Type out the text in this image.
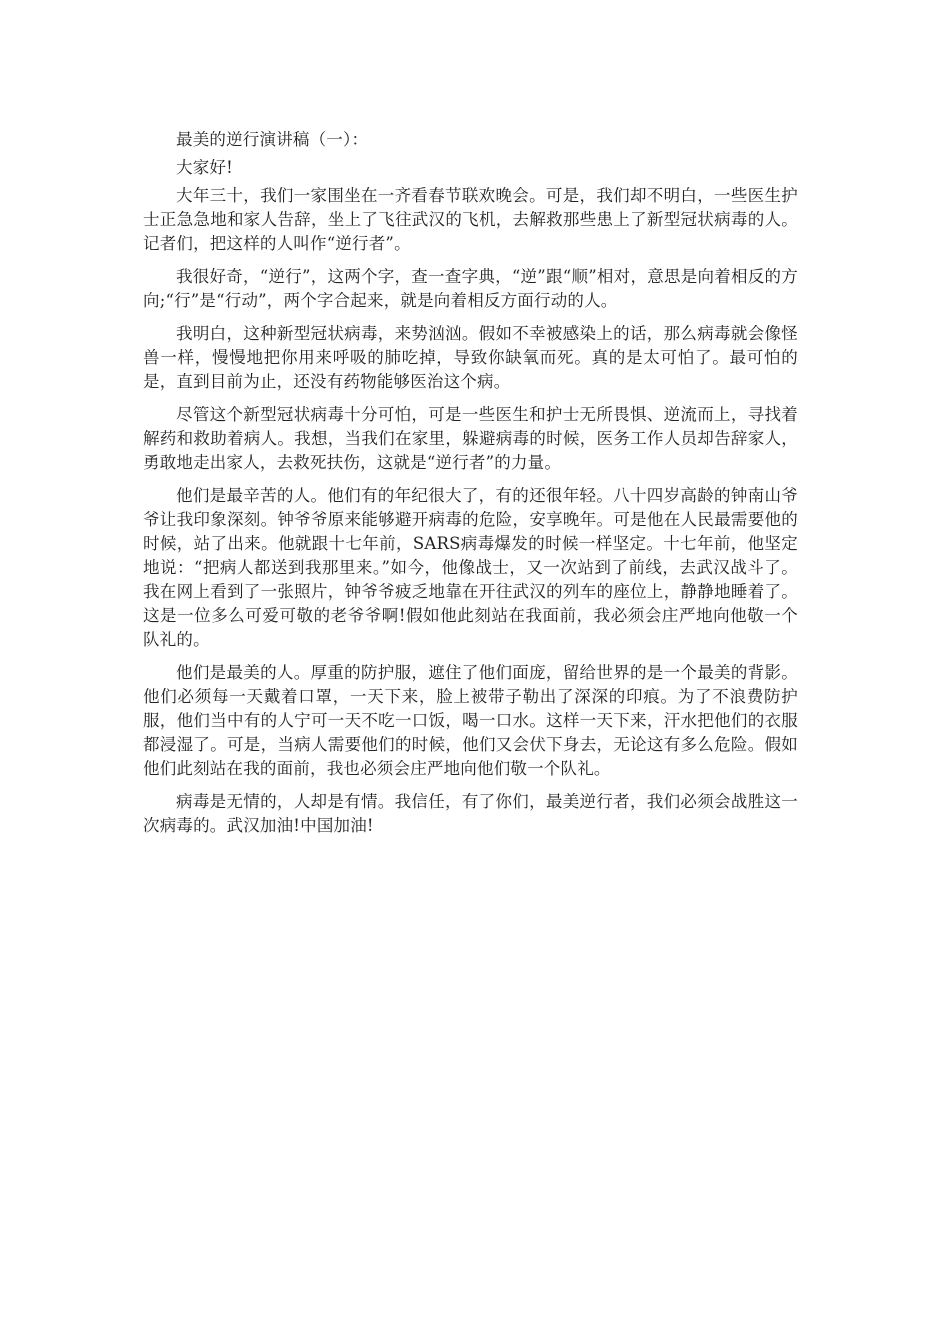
最美的逆行演讲稿（一）：

大家好!

大年三十，我们一家围坐在一齐看春节联欢晚会。可是，我们却不明白，一些医生护士正急急地和家人告辞，坐上了飞往武汉的飞机，去解救那些患上了新型冠状病毒的人。记者们，把这样的人叫作“逆行者”。

我很好奇，“逆行”，这两个字，查一查字典，“逆”跟“顺”相对，意思是向着相反的方向;“行”是“行动”，两个字合起来，就是向着相反方面行动的人。

我明白，这种新型冠状病毒，来势汹汹。假如不幸被感染上的话，那么病毒就会像怪兽一样，慢慢地把你用来呼吸的肺吃掉，导致你缺氧而死。真的是太可怕了。最可怕的是，直到目前为止，还没有药物能够医治这个病。

尽管这个新型冠状病毒十分可怕，可是一些医生和护士无所畏惧、逆流而上，寻找着解药和救助着病人。我想，当我们在家里，躲避病毒的时候，医务工作人员却告辞家人，勇敢地走出家人，去救死扶伤，这就是“逆行者”的力量。

他们是最辛苦的人。他们有的年纪很大了，有的还很年轻。八十四岁高龄的钟南山爷爷让我印象深刻。钟爷爷原来能够避开病毒的危险，安享晚年。可是他在人民最需要他的时候，站了出来。他就跟十七年前，SARS病毒爆发的时候一样坚定。十七年前，他坚定地说：“把病人都送到我那里来。”如今，他像战士，又一次站到了前线，去武汉战斗了。我在网上看到了一张照片，钟爷爷疲乏地靠在开往武汉的列车的座位上，静静地睡着了。这是一位多么可爱可敬的老爷爷啊!假如他此刻站在我面前，我必须会庄严地向他敬一个队礼的。

他们是最美的人。厚重的防护服，遮住了他们面庞，留给世界的是一个最美的背影。他们必须每一天戴着口罩，一天下来，脸上被带子勒出了深深的印痕。为了不浪费防护服，他们当中有的人宁可一天不吃一口饭，喝一口水。这样一天下来，汗水把他们的衣服都浸湿了。可是，当病人需要他们的时候，他们又会伏下身去，无论这有多么危险。假如他们此刻站在我的面前，我也必须会庄严地向他们敬一个队礼。

病毒是无情的，人却是有情。我信任，有了你们，最美逆行者，我们必须会战胜这一次病毒的。武汉加油!中国加油!
